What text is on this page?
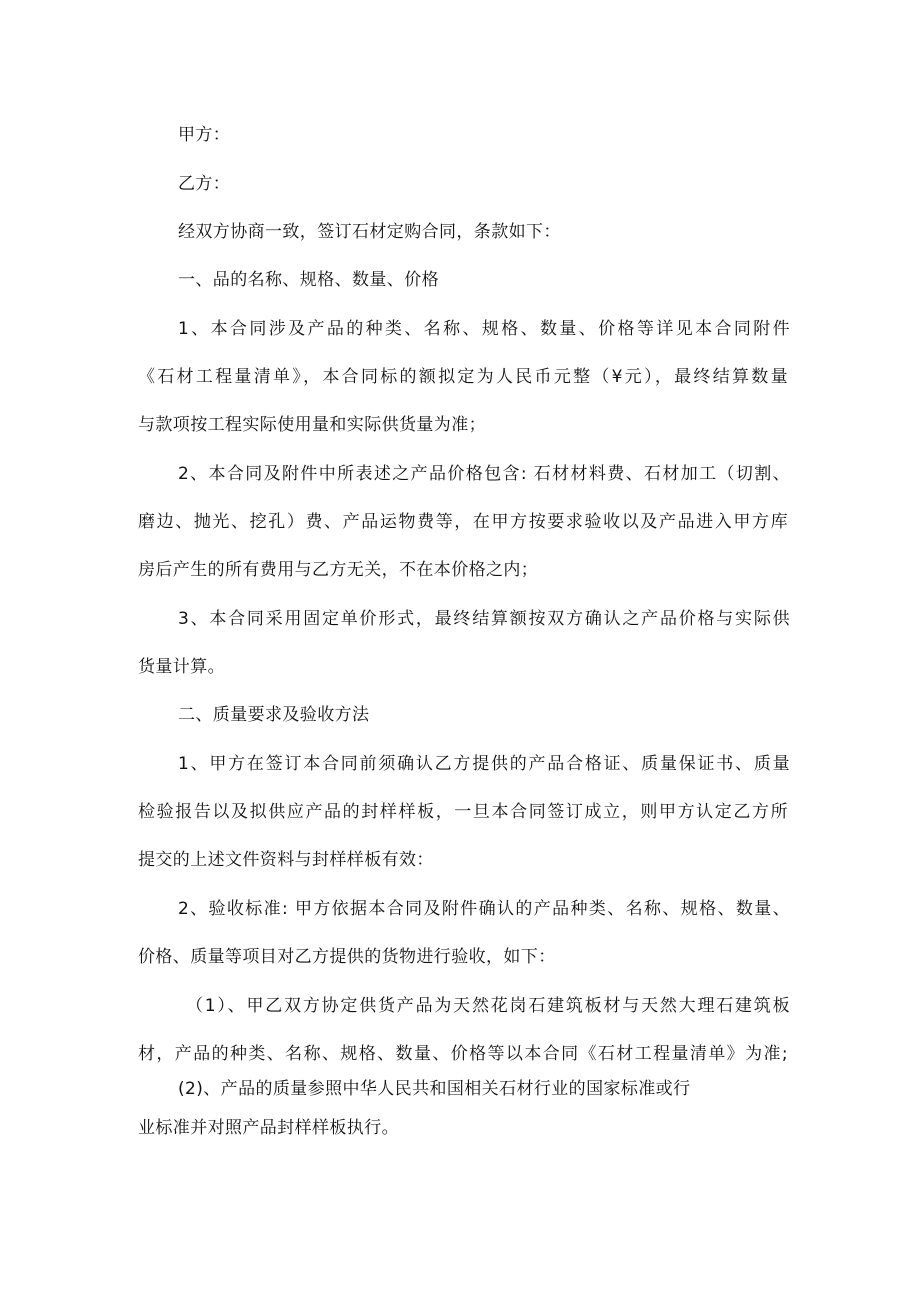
甲方：
乙方：
经双方协商一致，签订石材定购合同，条款如下：
一、品的名称、规格、数量、价格
1、本合同涉及产品的种类、名称、规格、数量、价格等详见本合同附件
《石材工程量清单》，本合同标的额拟定为人民币元整（¥元），最终结算数量
与款项按工程实际使用量和实际供货量为准；
2、本合同及附件中所表述之产品价格包含: 石材材料费、石材加工（切割、
磨边、抛光、挖孔）费、产品运物费等，在甲方按要求验收以及产品进入甲方库
房后产生的所有费用与乙方无关，不在本价格之内；
3、本合同采用固定单价形式，最终结算额按双方确认之产品价格与实际供
货量计算。
二、质量要求及验收方法
1、甲方在签订本合同前须确认乙方提供的产品合格证、质量保证书、质量
检验报告以及拟供应产品的封样样板，一旦本合同签订成立，则甲方认定乙方所
提交的上述文件资料与封样样板有效：
2、验收标准: 甲方依据本合同及附件确认的产品种类、名称、规格、数量、
价格、质量等项目对乙方提供的货物进行验收，如下：
（1）、甲乙双方协定供货产品为天然花岗石建筑板材与天然大理石建筑板
材，产品的种类、名称、规格、数量、价格等以本合同《石材工程量清单》为准;
(2)、产品的质量参照中华人民共和国相关石材行业的国家标准或行
业标准并对照产品封样样板执行。
